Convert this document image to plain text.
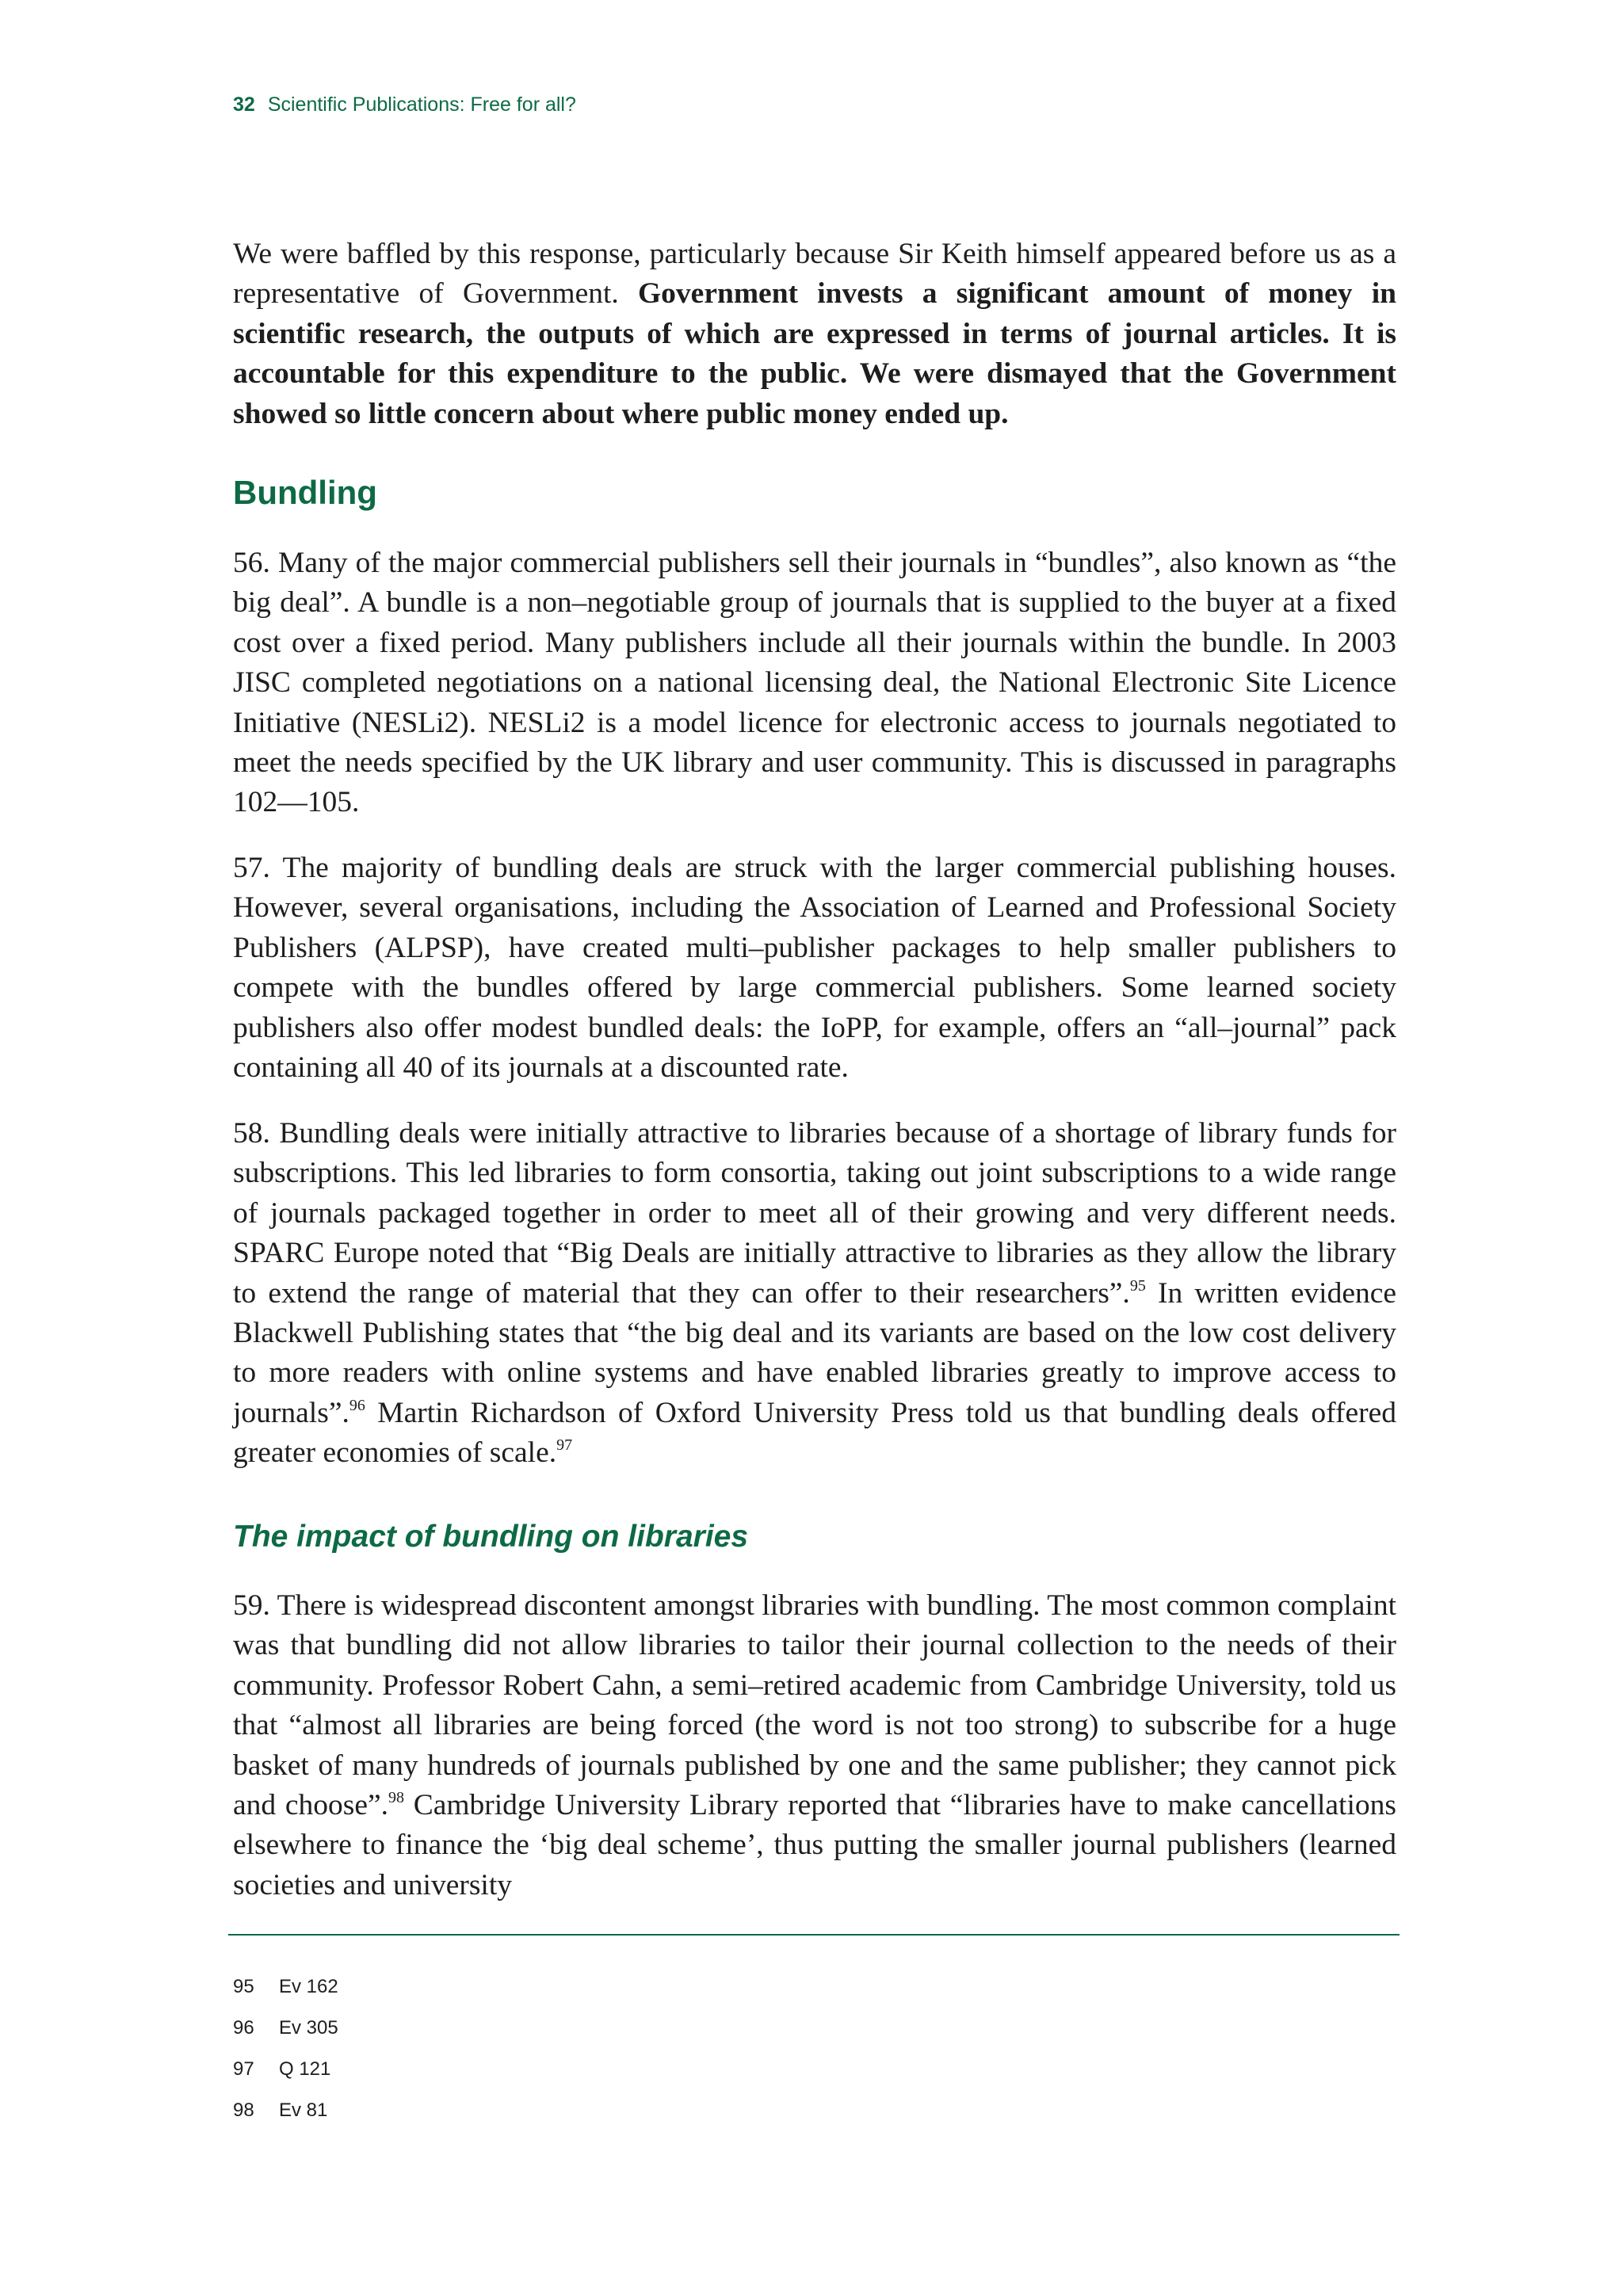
32 Scientific Publications: Free for all?

We were baffled by this response, particularly because Sir Keith himself appeared before us as a representative of Government. Government invests a significant amount of money in scientific research, the outputs of which are expressed in terms of journal articles. It is accountable for this expenditure to the public. We were dismayed that the Government showed so little concern about where public money ended up.

Bundling

56. Many of the major commercial publishers sell their journals in “bundles”, also known as “the big deal”. A bundle is a non–negotiable group of journals that is supplied to the buyer at a fixed cost over a fixed period. Many publishers include all their journals within the bundle. In 2003 JISC completed negotiations on a national licensing deal, the National Electronic Site Licence Initiative (NESLi2). NESLi2 is a model licence for electronic access to journals negotiated to meet the needs specified by the UK library and user community. This is discussed in paragraphs 102—105.

57. The majority of bundling deals are struck with the larger commercial publishing houses. However, several organisations, including the Association of Learned and Professional Society Publishers (ALPSP), have created multi–publisher packages to help smaller publishers to compete with the bundles offered by large commercial publishers. Some learned society publishers also offer modest bundled deals: the IoPP, for example, offers an “all–journal” pack containing all 40 of its journals at a discounted rate.

58. Bundling deals were initially attractive to libraries because of a shortage of library funds for subscriptions. This led libraries to form consortia, taking out joint subscriptions to a wide range of journals packaged together in order to meet all of their growing and very different needs. SPARC Europe noted that “Big Deals are initially attractive to libraries as they allow the library to extend the range of material that they can offer to their researchers”.$^{95}$ In written evidence Blackwell Publishing states that “the big deal and its variants are based on the low cost delivery to more readers with online systems and have enabled libraries greatly to improve access to journals”.$^{96}$ Martin Richardson of Oxford University Press told us that bundling deals offered greater economies of scale.$^{97}$

The impact of bundling on libraries

59. There is widespread discontent amongst libraries with bundling. The most common complaint was that bundling did not allow libraries to tailor their journal collection to the needs of their community. Professor Robert Cahn, a semi–retired academic from Cambridge University, told us that “almost all libraries are being forced (the word is not too strong) to subscribe for a huge basket of many hundreds of journals published by one and the same publisher; they cannot pick and choose”.$^{98}$ Cambridge University Library reported that “libraries have to make cancellations elsewhere to finance the ‘big deal scheme’, thus putting the smaller journal publishers (learned societies and university

95 Ev 162
96 Ev 305
97 Q 121
98 Ev 81
